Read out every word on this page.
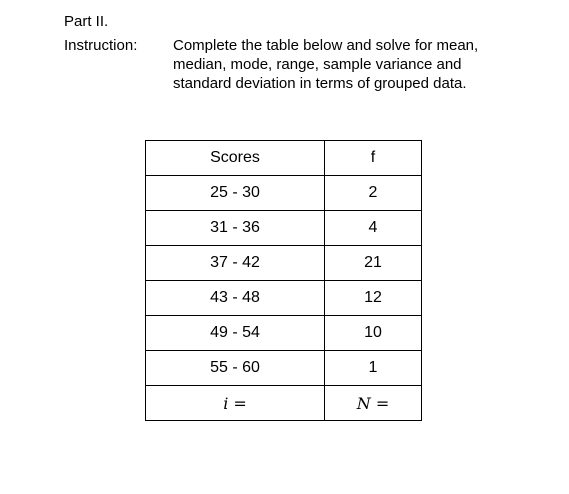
Part II.
Instruction: Complete the table below and solve for mean,
median, mode, range, sample variance and
standard deviation in terms of grouped data.
Scores	f
25 - 30	2
31 - 36	4
37 - 42	21
43 - 48	12
49 - 54	10
55 - 60	1
i =	N =
